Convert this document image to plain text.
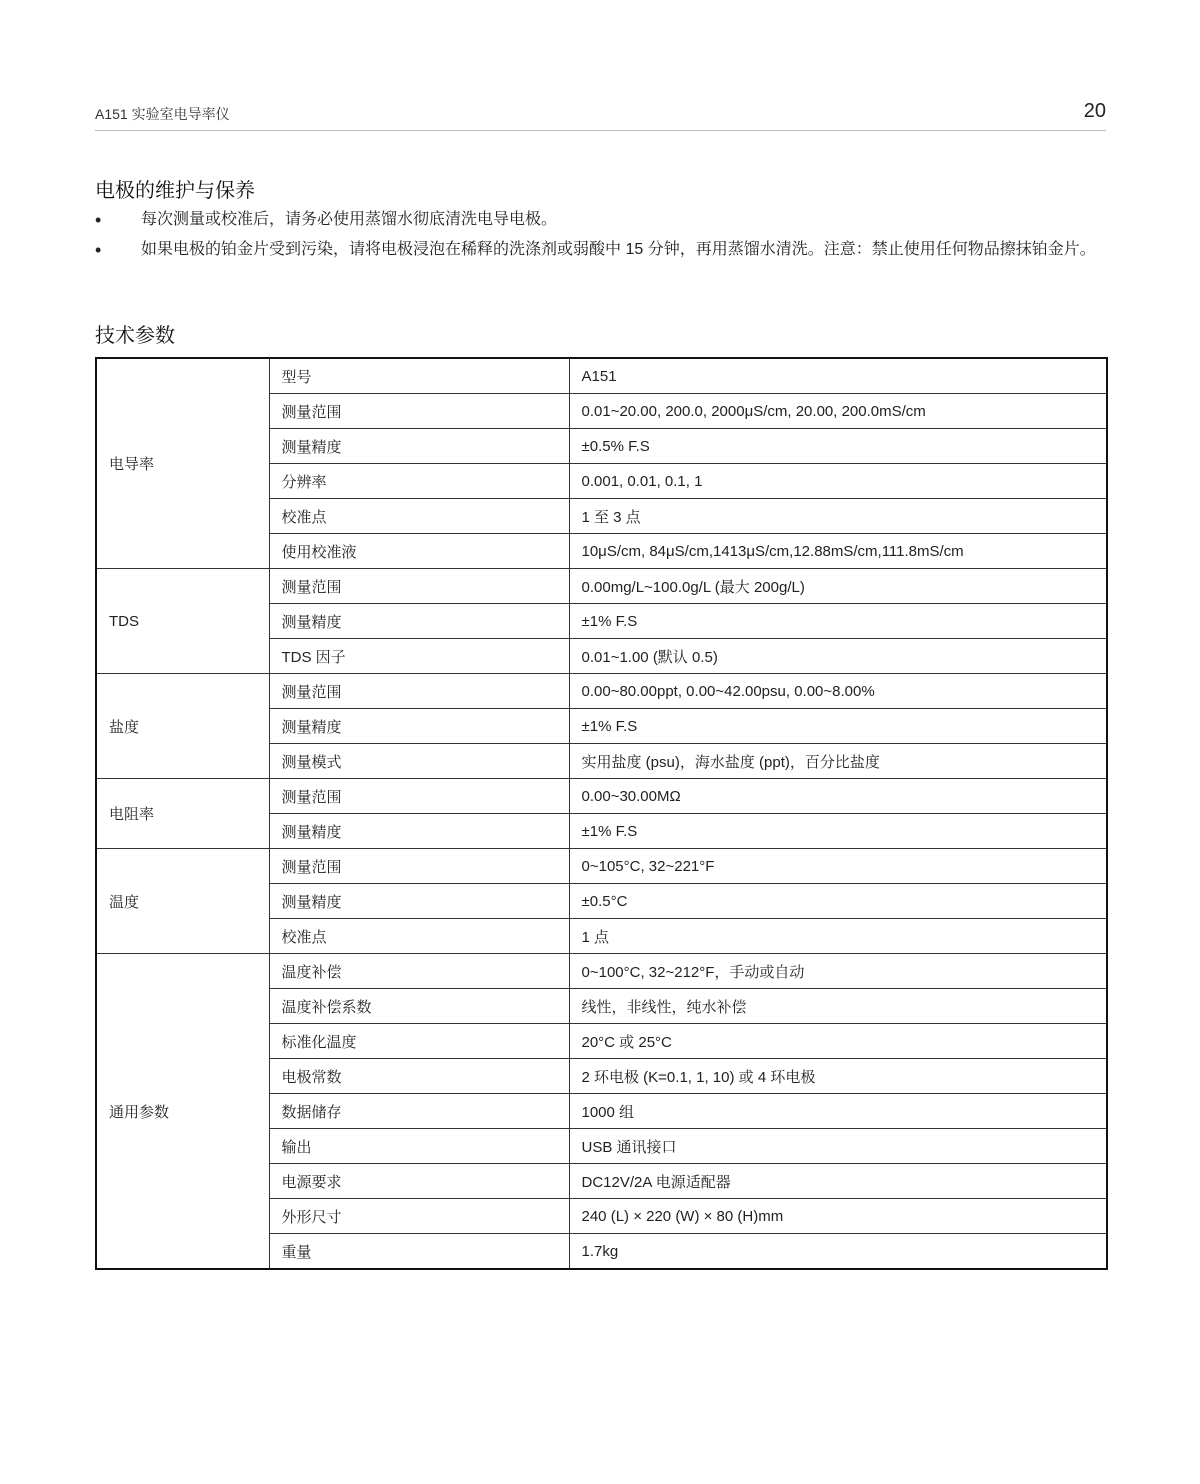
A151 实验室电导率仪	20
电极的维护与保养
• 每次测量或校准后，请务必使用蒸馏水彻底清洗电导电极。
• 如果电极的铂金片受到污染，请将电极浸泡在稀释的洗涤剂或弱酸中 15 分钟，再用蒸馏水清洗。注意：禁止使用任何物品擦抹铂金片。
技术参数
电导率	型号	A151
	测量范围	0.01~20.00, 200.0, 2000μS/cm, 20.00, 200.0mS/cm
	测量精度	±0.5% F.S
	分辨率	0.001, 0.01, 0.1, 1
	校准点	1 至 3 点
	使用校准液	10μS/cm, 84μS/cm,1413μS/cm,12.88mS/cm,111.8mS/cm
TDS	测量范围	0.00mg/L~100.0g/L (最大 200g/L)
	测量精度	±1% F.S
	TDS 因子	0.01~1.00 (默认 0.5)
盐度	测量范围	0.00~80.00ppt, 0.00~42.00psu, 0.00~8.00%
	测量精度	±1% F.S
	测量模式	实用盐度 (psu)，海水盐度 (ppt)，百分比盐度
电阻率	测量范围	0.00~30.00MΩ
	测量精度	±1% F.S
温度	测量范围	0~105°C, 32~221°F
	测量精度	±0.5°C
	校准点	1 点
通用参数	温度补偿	0~100°C, 32~212°F，手动或自动
	温度补偿系数	线性，非线性，纯水补偿
	标准化温度	20°C 或 25°C
	电极常数	2 环电极 (K=0.1, 1, 10) 或 4 环电极
	数据储存	1000 组
	输出	USB 通讯接口
	电源要求	DC12V/2A 电源适配器
	外形尺寸	240 (L) × 220 (W) × 80 (H)mm
	重量	1.7kg
